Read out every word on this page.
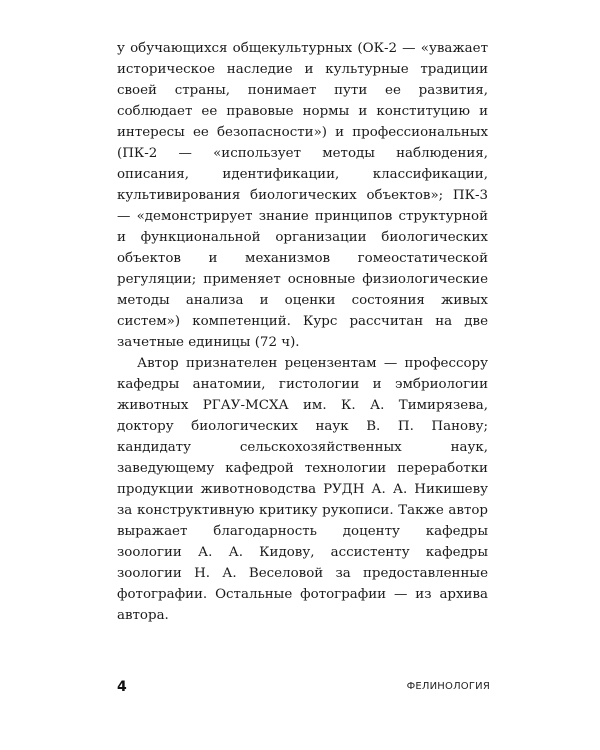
у обучающихся общекультурных (ОК-2 — «уважает историческое наследие и культурные традиции своей страны, понимает пути ее развития, соблюдает ее правовые нормы и конституцию и интересы ее безопасности») и профессиональных (ПК-2 — «использует методы наблюдения, описания, идентификации, классификации, культивирования биологических объектов»; ПК-3 — «демонстрирует знание принципов структурной и функциональной организации биологических объектов и механизмов гомеостатической регуляции; применяет основные физиологические методы анализа и оценки состояния живых систем») компетенций. Курс рассчитан на две зачетные единицы (72 ч).

Автор признателен рецензентам — профессору кафедры анатомии, гистологии и эмбриологии животных РГАУ-МСХА им. К. А. Тимирязева, доктору биологических наук В. П. Панову; кандидату сельскохозяйственных наук, заведующему кафедрой технологии переработки продукции животноводства РУДН А. А. Никишеву за конструктивную критику рукописи. Также автор выражает благодарность доценту кафедры зоологии А. А. Кидову, ассистенту кафедры зоологии Н. А. Веселовой за предоставленные фотографии. Остальные фотографии — из архива автора.

4	ФЕЛИНОЛОГИЯ
